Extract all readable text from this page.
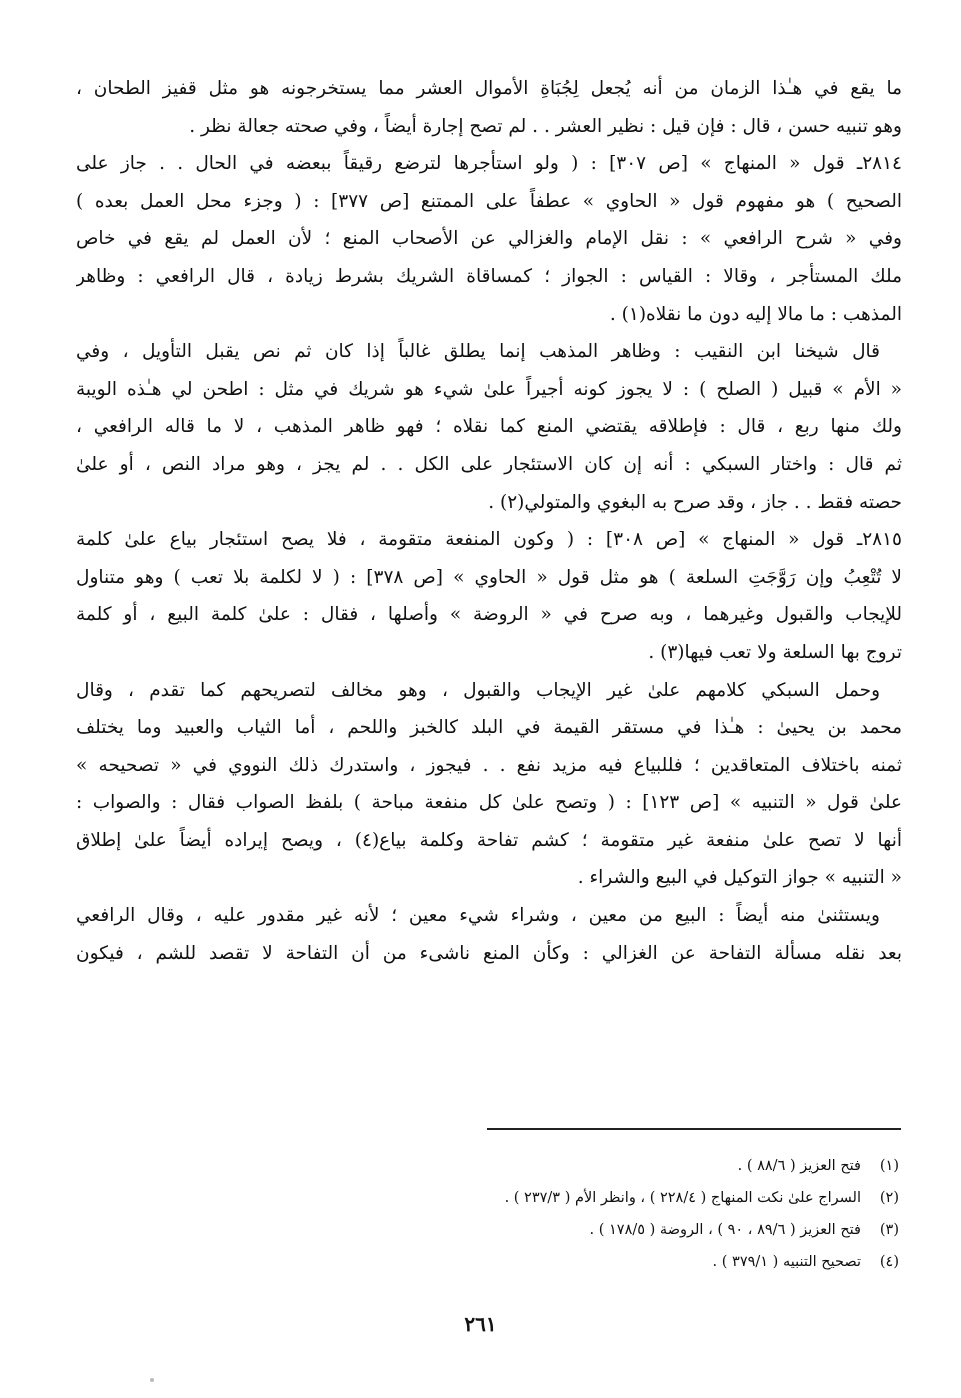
ما يقع في هـٰذا الزمان من أنه يُجعل لِجُبَاةِ الأموال العشر مما يستخرجونه هو مثل قفيز الطحان ،
وهو تنبيه حسن ، قال : فإن قيل : نظير العشر . . لم تصح إجارة أيضاً ، وفي صحته جعالة نظر .
٢٨١٤ـ قول « المنهاج » [ص ٣٠٧] : ( ولو استأجرها لترضع رقيقاً ببعضه في الحال . . جاز على
الصحيح ) هو مفهوم قول « الحاوي » عطفاً على الممتنع [ص ٣٧٧] : ( وجزء محل العمل بعده )
وفي « شرح الرافعي » : نقل الإمام والغزالي عن الأصحاب المنع ؛ لأن العمل لم يقع في خاص
ملك المستأجر ، وقالا : القياس : الجواز ؛ كمساقاة الشريك بشرط زيادة ، قال الرافعي : وظاهر
المذهب : ما مالا إليه دون ما نقلاه(١) .
قال شيخنا ابن النقيب : وظاهر المذهب إنما يطلق غالباً إذا كان ثم نص يقبل التأويل ، وفي
« الأم » قبيل ( الصلح ) : لا يجوز كونه أجيراً علىٰ شيء هو شريك في مثل : اطحن لي هـٰذه الويبة
ولك منها ربع ، قال : فإطلاقه يقتضي المنع كما نقلاه ؛ فهو ظاهر المذهب ، لا ما قاله الرافعي ،
ثم قال : واختار السبكي : أنه إن كان الاستئجار على الكل . . لم يجز ، وهو مراد النص ، أو علىٰ
حصته فقط . . جاز ، وقد صرح به البغوي والمتولي(٢) .
٢٨١٥ـ قول « المنهاج » [ص ٣٠٨] : ( وكون المنفعة متقومة ، فلا يصح استئجار بياع علىٰ كلمة
لا تُتْعِبُ وإن رَوَّجَتِ السلعة ) هو مثل قول « الحاوي » [ص ٣٧٨] : ( لا لكلمة بلا تعب ) وهو متناول
للإيجاب والقبول وغيرهما ، وبه صرح في « الروضة » وأصلها ، فقال : علىٰ كلمة البيع ، أو كلمة
تروج بها السلعة ولا تعب فيها(٣) .
وحمل السبكي كلامهم علىٰ غير الإيجاب والقبول ، وهو مخالف لتصريحهم كما تقدم ، وقال
محمد بن يحيىٰ : هـٰذا في مستقر القيمة في البلد كالخبز واللحم ، أما الثياب والعبيد وما يختلف
ثمنه باختلاف المتعاقدين ؛ فللبياع فيه مزيد نفع . . فيجوز ، واستدرك ذلك النووي في « تصحيحه »
علىٰ قول « التنبيه » [ص ١٢٣] : ( وتصح علىٰ كل منفعة مباحة ) بلفظ الصواب فقال : والصواب :
أنها لا تصح علىٰ منفعة غير متقومة ؛ كشم تفاحة وكلمة بياع(٤) ، ويصح إيراده أيضاً علىٰ إطلاق
« التنبيه » جواز التوكيل في البيع والشراء .
ويستثنىٰ منه أيضاً : البيع من معين ، وشراء شيء معين ؛ لأنه غير مقدور عليه ، وقال الرافعي
بعد نقله مسألة التفاحة عن الغزالي : وكأن المنع ناشىء من أن التفاحة لا تقصد للشم ، فيكون
(١)فتح العزيز ( ٨٨/٦ ) .
(٢)السراج علىٰ نكت المنهاج ( ٢٢٨/٤ ) ، وانظر الأم ( ٢٣٧/٣ ) .
(٣)فتح العزيز ( ٨٩/٦ ، ٩٠ ) ، الروضة ( ١٧٨/٥ ) .
(٤)تصحيح التنبيه ( ٣٧٩/١ ) .
٢٦١
